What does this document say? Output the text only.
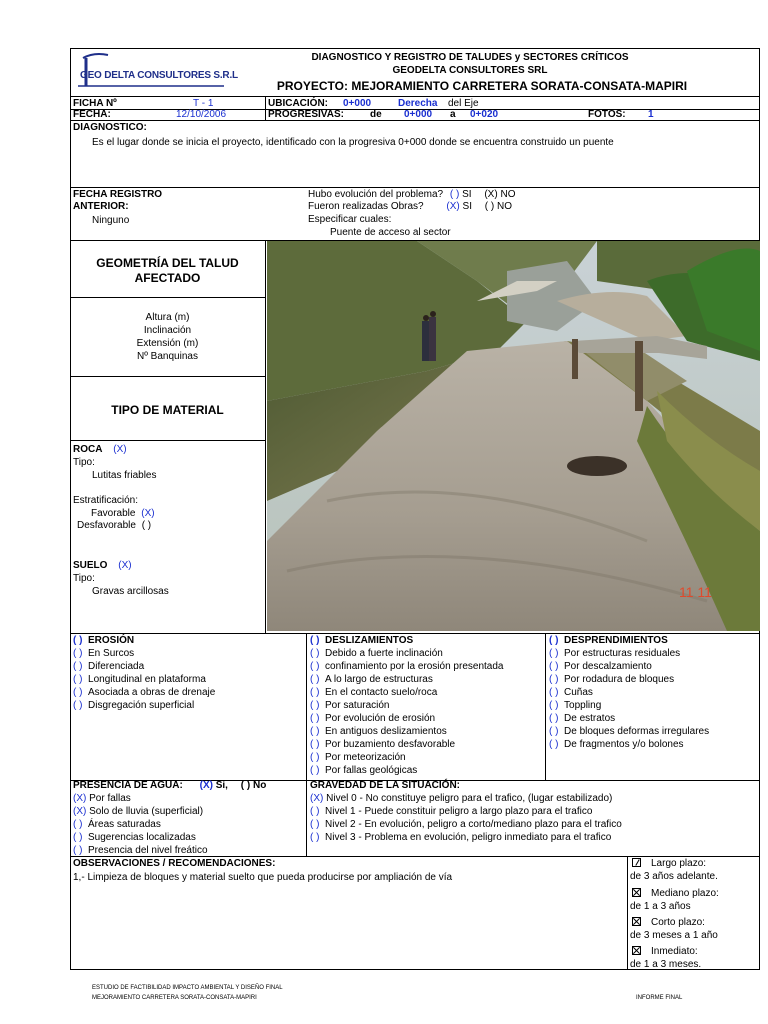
GEO DELTA CONSULTORES S.R.L
DIAGNOSTICO Y REGISTRO DE TALUDES y SECTORES CRÍTICOS
GEODELTA CONSULTORES SRL
PROYECTO: MEJORAMIENTO CARRETERA SORATA-CONSATA-MAPIRI
FICHA Nº	T - 1
FECHA:	12/10/2006
UBICACIÓN: 0+000	Derecha del Eje
PROGRESIVAS:	de 0+000 a 0+020	FOTOS: 1
DIAGNOSTICO:
Es el lugar donde se inicia el proyecto, identificado con la progresiva 0+000 donde se encuentra construido un puente
FECHA REGISTRO
ANTERIOR:
Ninguno
Hubo evolución del problema? ( ) SI (X) NO
Fueron realizadas Obras? (X) SI ( ) NO
Especificar cuales:
Puente de acceso al sector
GEOMETRÍA DEL TALUD
AFECTADO
Altura (m)
Inclinación
Extensión (m)
Nº Banquinas
TIPO DE MATERIAL
ROCA (X)
Tipo:
Lutitas friables
Estratificación:
Favorable (X)
Desfavorable ( )
SUELO (X)
Tipo:
Gravas arcillosas	11 11
( ) EROSIÓN
( ) En Surcos
( ) Diferenciada
( ) Longitudinal en plataforma
( ) Asociada a obras de drenaje
( ) Disgregación superficial
( ) DESLIZAMIENTOS
( ) Debido a fuerte inclinación
( ) confinamiento por la erosión presentada
( ) A lo largo de estructuras
( ) En el contacto suelo/roca
( ) Por saturación
( ) Por evolución de erosión
( ) En antiguos deslizamientos
( ) Por buzamiento desfavorable
( ) Por meteorización
( ) Por fallas geológicas
( ) DESPRENDIMIENTOS
( ) Por estructuras residuales
( ) Por descalzamiento
( ) Por rodadura de bloques
( ) Cuñas
( ) Toppling
( ) De estratos
( ) De bloques deformas irregulares
( ) De fragmentos y/o bolones
PRESENCIA DE AGUA: (X) Si, ( ) No
(X) Por fallas
(X) Solo de lluvia (superficial)
( ) Áreas saturadas
( ) Sugerencias localizadas
( ) Presencia del nivel freático
GRAVEDAD DE LA SITUACIÓN:
(X) Nivel 0 - No constituye peligro para el trafico, (lugar estabilizado)
( ) Nivel 1 - Puede constituir peligro a largo plazo para el trafico
( ) Nivel 2 - En evolución, peligro a corto/mediano plazo para el trafico
( ) Nivel 3 - Problema en evolución, peligro inmediato para el trafico
OBSERVACIONES / RECOMENDACIONES:
1,- Limpieza de bloques y material suelto que pueda producirse por ampliación de vía
Largo plazo:
de 3 años adelante.
Mediano plazo:
de 1 a 3 años
Corto plazo:
de 3 meses a 1 año
Inmediato:
de 1 a 3 meses.
ESTUDIO DE FACTIBILIDAD IMPACTO AMBIENTAL Y DISEÑO FINAL
MEJORAMIENTO CARRETERA SORATA-CONSATA-MAPIRI	INFORME FINAL
